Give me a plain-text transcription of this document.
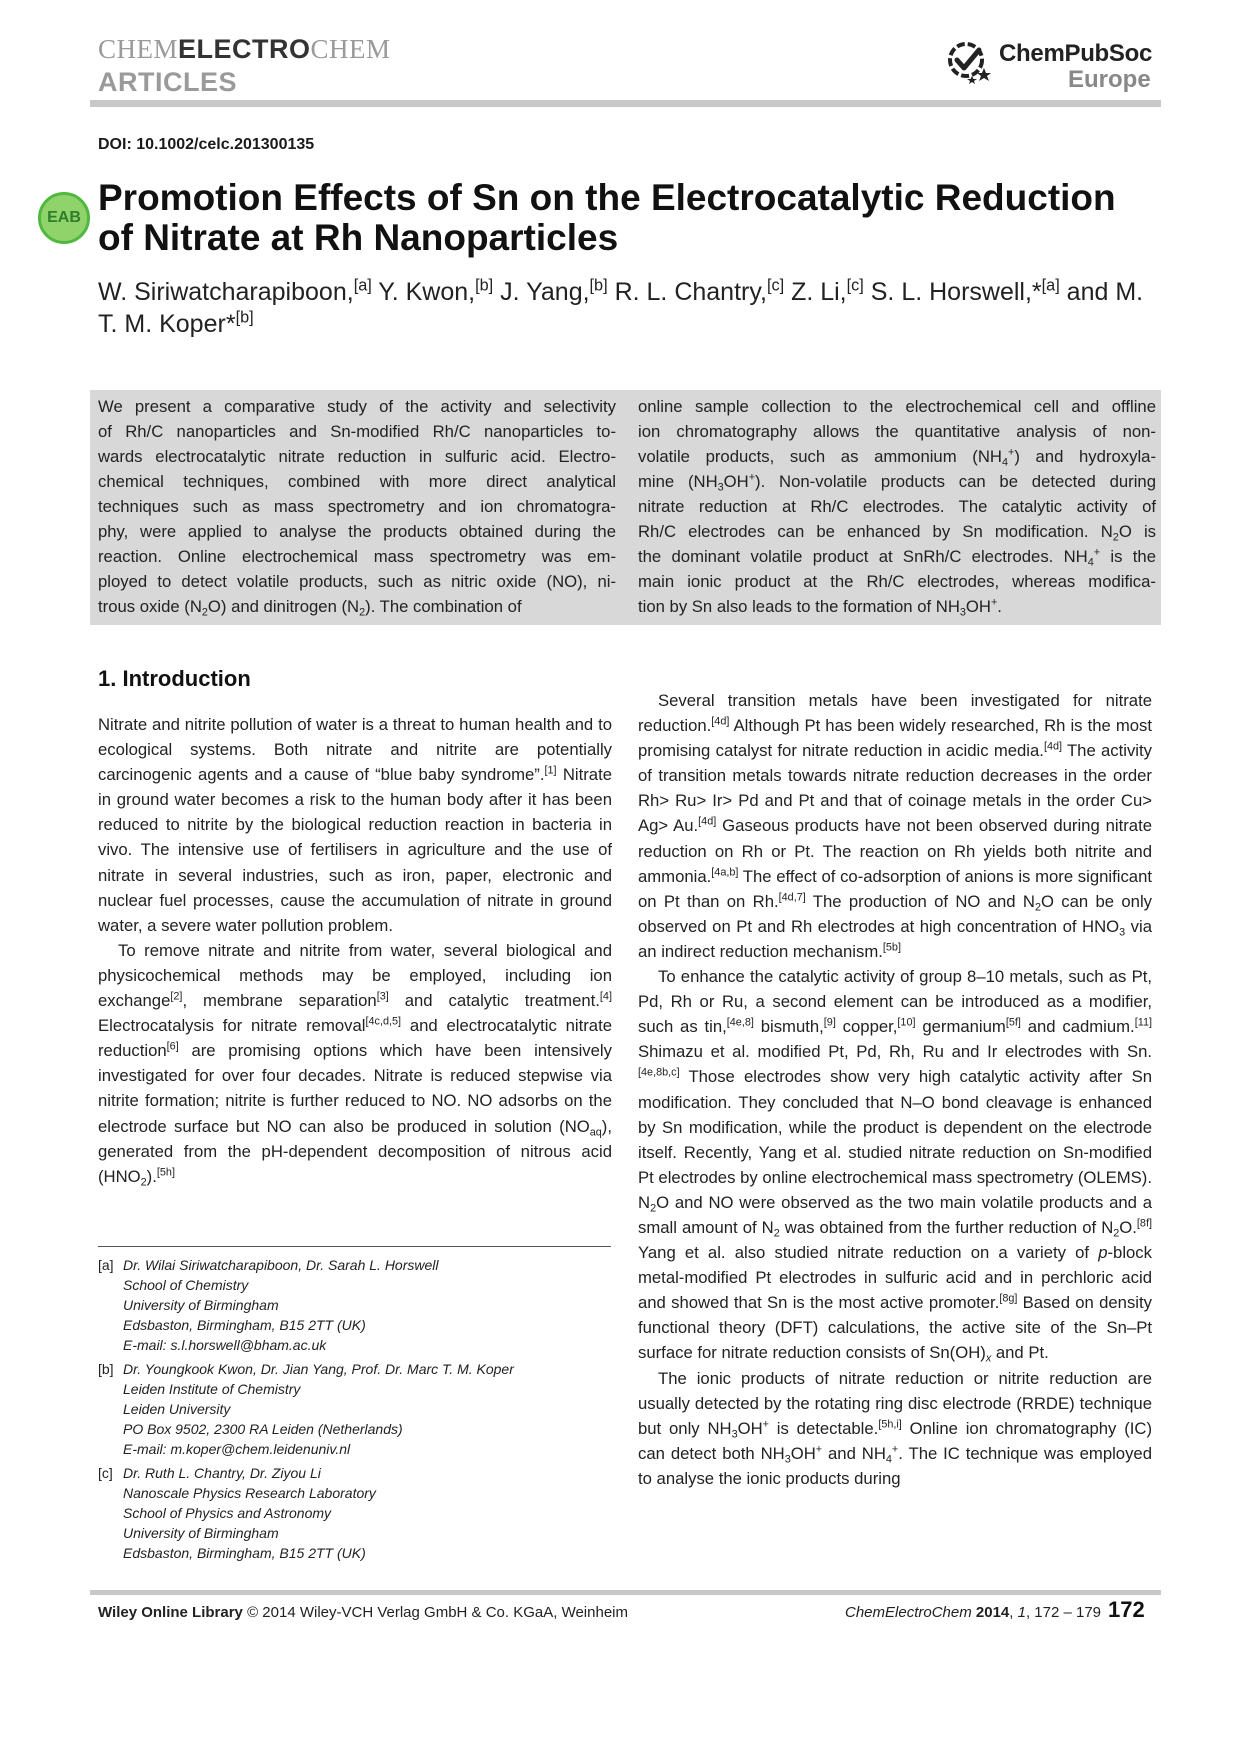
CHEMELECTROCHEM
ARTICLES
ChemPubSoc
Europe
DOI: 10.1002/celc.201300135
EAB Promotion Effects of Sn on the Electrocatalytic Reduction of Nitrate at Rh Nanoparticles
W. Siriwatcharapiboon,[a] Y. Kwon,[b] J. Yang,[b] R. L. Chantry,[c] Z. Li,[c] S. L. Horswell,*[a] and M. T. M. Koper*[b]
We present a comparative study of the activity and selectivity
of Rh/C nanoparticles and Sn-modified Rh/C nanoparticles to-
wards electrocatalytic nitrate reduction in sulfuric acid. Electro-
chemical techniques, combined with more direct analytical
techniques such as mass spectrometry and ion chromatogra-
phy, were applied to analyse the products obtained during the
reaction. Online electrochemical mass spectrometry was em-
ployed to detect volatile products, such as nitric oxide (NO), ni-
trous oxide $(N_2O)$ and dinitrogen $(N_2)$. The combination of
online sample collection to the electrochemical cell and offline
ion chromatography allows the quantitative analysis of non-
volatile products, such as ammonium $(NH_4^+)$ and hydroxyla-
mine $(NH_3OH^+)$. Non-volatile products can be detected during
nitrate reduction at Rh/C electrodes. The catalytic activity of
Rh/C electrodes can be enhanced by Sn modification. $N_2O$ is
the dominant volatile product at SnRh/C electrodes. $NH_4^+$ is the
main ionic product at the Rh/C electrodes, whereas modifica-
tion by Sn also leads to the formation of $NH_3OH^+$.
1. Introduction

Nitrate and nitrite pollution of water is a threat to human health and to ecological systems. Both nitrate and nitrite are potentially carcinogenic agents and a cause of “blue baby syndrome”.[1] Nitrate in ground water becomes a risk to the human body after it has been reduced to nitrite by the biological reduction reaction in bacteria in vivo. The intensive use of fertilisers in agriculture and the use of nitrate in several industries, such as iron, paper, electronic and nuclear fuel processes, cause the accumulation of nitrate in ground water, a severe water pollution problem.

To remove nitrate and nitrite from water, several biological and physicochemical methods may be employed, including ion exchange[2], membrane separation[3] and catalytic treatment.[4] Electrocatalysis for nitrate removal[4c,d,5] and electrocatalytic nitrate reduction[6] are promising options which have been intensively investigated for over four decades. Nitrate is reduced stepwise via nitrite formation; nitrite is further reduced to NO. NO adsorbs on the electrode surface but NO can also be produced in solution $(NO_{aq})$, generated from the pH-dependent decomposition of nitrous acid $(HNO_2).[5h]$

Several transition metals have been investigated for nitrate reduction.[4d] Although Pt has been widely researched, Rh is the most promising catalyst for nitrate reduction in acidic media.[4d] The activity of transition metals towards nitrate reduction decreases in the order Rh> Ru> Ir> Pd and Pt and that of coinage metals in the order Cu> Ag> Au.[4d] Gaseous products have not been observed during nitrate reduction on Rh or Pt. The reaction on Rh yields both nitrite and ammonia.[4a,b] The effect of co-adsorption of anions is more significant on Pt than on Rh.[4d,7] The production of NO and $N_2O$ can be only observed on Pt and Rh electrodes at high concentration of $HNO_3$ via an indirect reduction mechanism.[5b]

To enhance the catalytic activity of group 8–10 metals, such as Pt, Pd, Rh or Ru, a second element can be introduced as a modifier, such as tin,[4e,8] bismuth,[9] copper,[10] germanium[5f] and cadmium.[11] Shimazu et al. modified Pt, Pd, Rh, Ru and Ir electrodes with Sn.[4e,8b,c] Those electrodes show very high catalytic activity after Sn modification. They concluded that N–O bond cleavage is enhanced by Sn modification, while the product is dependent on the electrode itself. Recently, Yang et al. studied nitrate reduction on Sn-modified Pt electrodes by online electrochemical mass spectrometry (OLEMS). $N_2O$ and NO were observed as the two main volatile products and a small amount of $N_2$ was obtained from the further reduction of $N_2O.[8f]$ Yang et al. also studied nitrate reduction on a variety of p-block metal-modified Pt electrodes in sulfuric acid and in perchloric acid and showed that Sn is the most active promoter.[8g] Based on density functional theory (DFT) calculations, the active site of the Sn–Pt surface for nitrate reduction consists of $Sn(OH)_x$ and Pt.

The ionic products of nitrate reduction or nitrite reduction are usually detected by the rotating ring disc electrode (RRDE) technique but only $NH_3OH^+$ is detectable.[5h,i] Online ion chromatography (IC) can detect both $NH_3OH^+$ and $NH_4^+$. The IC technique was employed to analyse the ionic products during

[a] Dr. Wilai Siriwatcharapiboon, Dr. Sarah L. Horswell
School of Chemistry
University of Birmingham
Edsbaston, Birmingham, B15 2TT (UK)
E-mail: s.l.horswell@bham.ac.uk
[b] Dr. Youngkook Kwon, Dr. Jian Yang, Prof. Dr. Marc T. M. Koper
Leiden Institute of Chemistry
Leiden University
PO Box 9502, 2300 RA Leiden (Netherlands)
E-mail: m.koper@chem.leidenuniv.nl
[c] Dr. Ruth L. Chantry, Dr. Ziyou Li
Nanoscale Physics Research Laboratory
School of Physics and Astronomy
University of Birmingham
Edsbaston, Birmingham, B15 2TT (UK)
Wiley Online Library © 2014 Wiley-VCH Verlag GmbH & Co. KGaA, Weinheim	ChemElectroChem 2014, 1, 172 – 179 172
